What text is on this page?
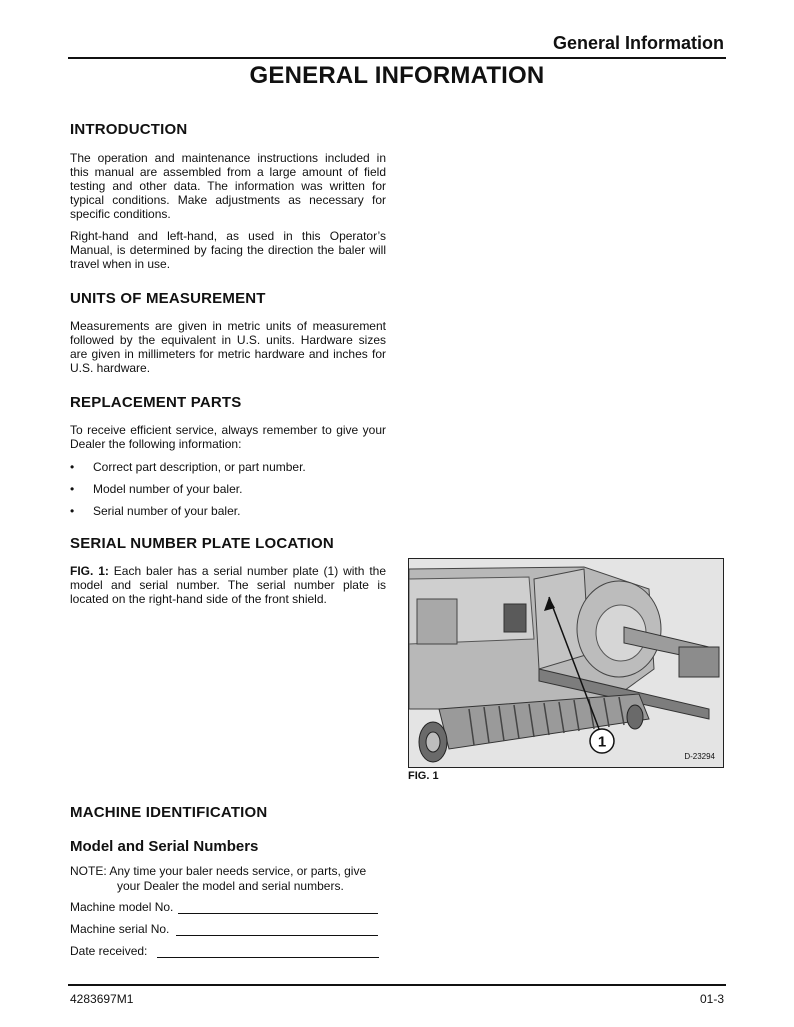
General Information
GENERAL INFORMATION
INTRODUCTION

The operation and maintenance instructions included in this manual are assembled from a large amount of field testing and other data. The information was written for typical conditions. Make adjustments as necessary for specific conditions.

Right-hand and left-hand, as used in this Operator’s Manual, is determined by facing the direction the baler will travel when in use.

UNITS OF MEASUREMENT

Measurements are given in metric units of measurement followed by the equivalent in U.S. units. Hardware sizes are given in millimeters for metric hardware and inches for U.S. hardware.

REPLACEMENT PARTS

To receive efficient service, always remember to give your Dealer the following information:

• Correct part description, or part number.
• Model number of your baler.
• Serial number of your baler.
SERIAL NUMBER PLATE LOCATION

FIG. 1: Each baler has a serial number plate (1) with the model and serial number. The serial number plate is located on the right-hand side of the front shield.

1
D-23294
FIG. 1
MACHINE IDENTIFICATION
Model and Serial Numbers
NOTE: Any time your baler needs service, or parts, give
your Dealer the model and serial numbers.
Machine model No.
Machine serial No.
Date received:
4283697M1	01-3
